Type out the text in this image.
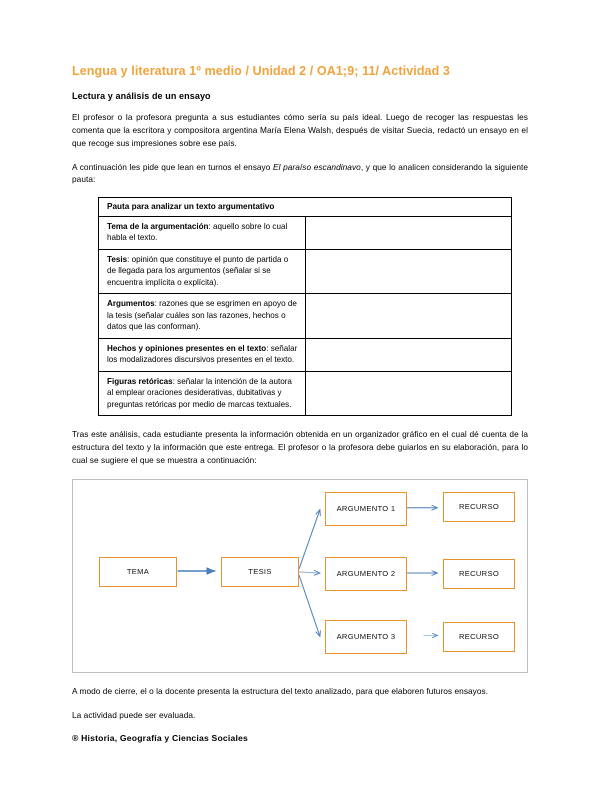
Lengua y literatura 1º medio / Unidad 2 / OA1;9; 11/ Actividad 3
Lectura y análisis de un ensayo

El profesor o la profesora pregunta a sus estudiantes cómo sería su país ideal. Luego de recoger las respuestas les comenta que la escritora y compositora argentina María Elena Walsh, después de visitar Suecia, redactó un ensayo en el que recoge sus impresiones sobre ese país.

A continuación les pide que lean en turnos el ensayo El paraíso escandinavo, y que lo analicen considerando la siguiente pauta:

Pauta para analizar un texto argumentativo	
Tema de la argumentación: aquello sobre lo cual habla el texto.	
Tesis: opinión que constituye el punto de partida o de llegada para los argumentos (señalar si se encuentra implícita o explícita).	
Argumentos: razones que se esgrimen en apoyo de la tesis (señalar cuáles son las razones, hechos o datos que las conforman).	
Hechos y opiniones presentes en el texto: señalar los modalizadores discursivos presentes en el texto.	
Figuras retóricas: señalar la intención de la autora al emplear oraciones desiderativas, dubitativas y preguntas retóricas por medio de marcas textuales.	

Tras este análisis, cada estudiante presenta la información obtenida en un organizador gráfico en el cual dé cuenta de la estructura del texto y la información que este entrega. El profesor o la profesora debe guiarlos en su elaboración, para lo cual se sugiere el que se muestra a continuación:

TEMA	TESIS
ARGUMENTO 1
ARGUMENTO 2
ARGUMENTO 3
RECURSO
RECURSO
RECURSO

A modo de cierre, el o la docente presenta la estructura del texto analizado, para que elaboren futuros ensayos.

La actividad puede ser evaluada.

® Historia, Geografía y Ciencias Sociales
